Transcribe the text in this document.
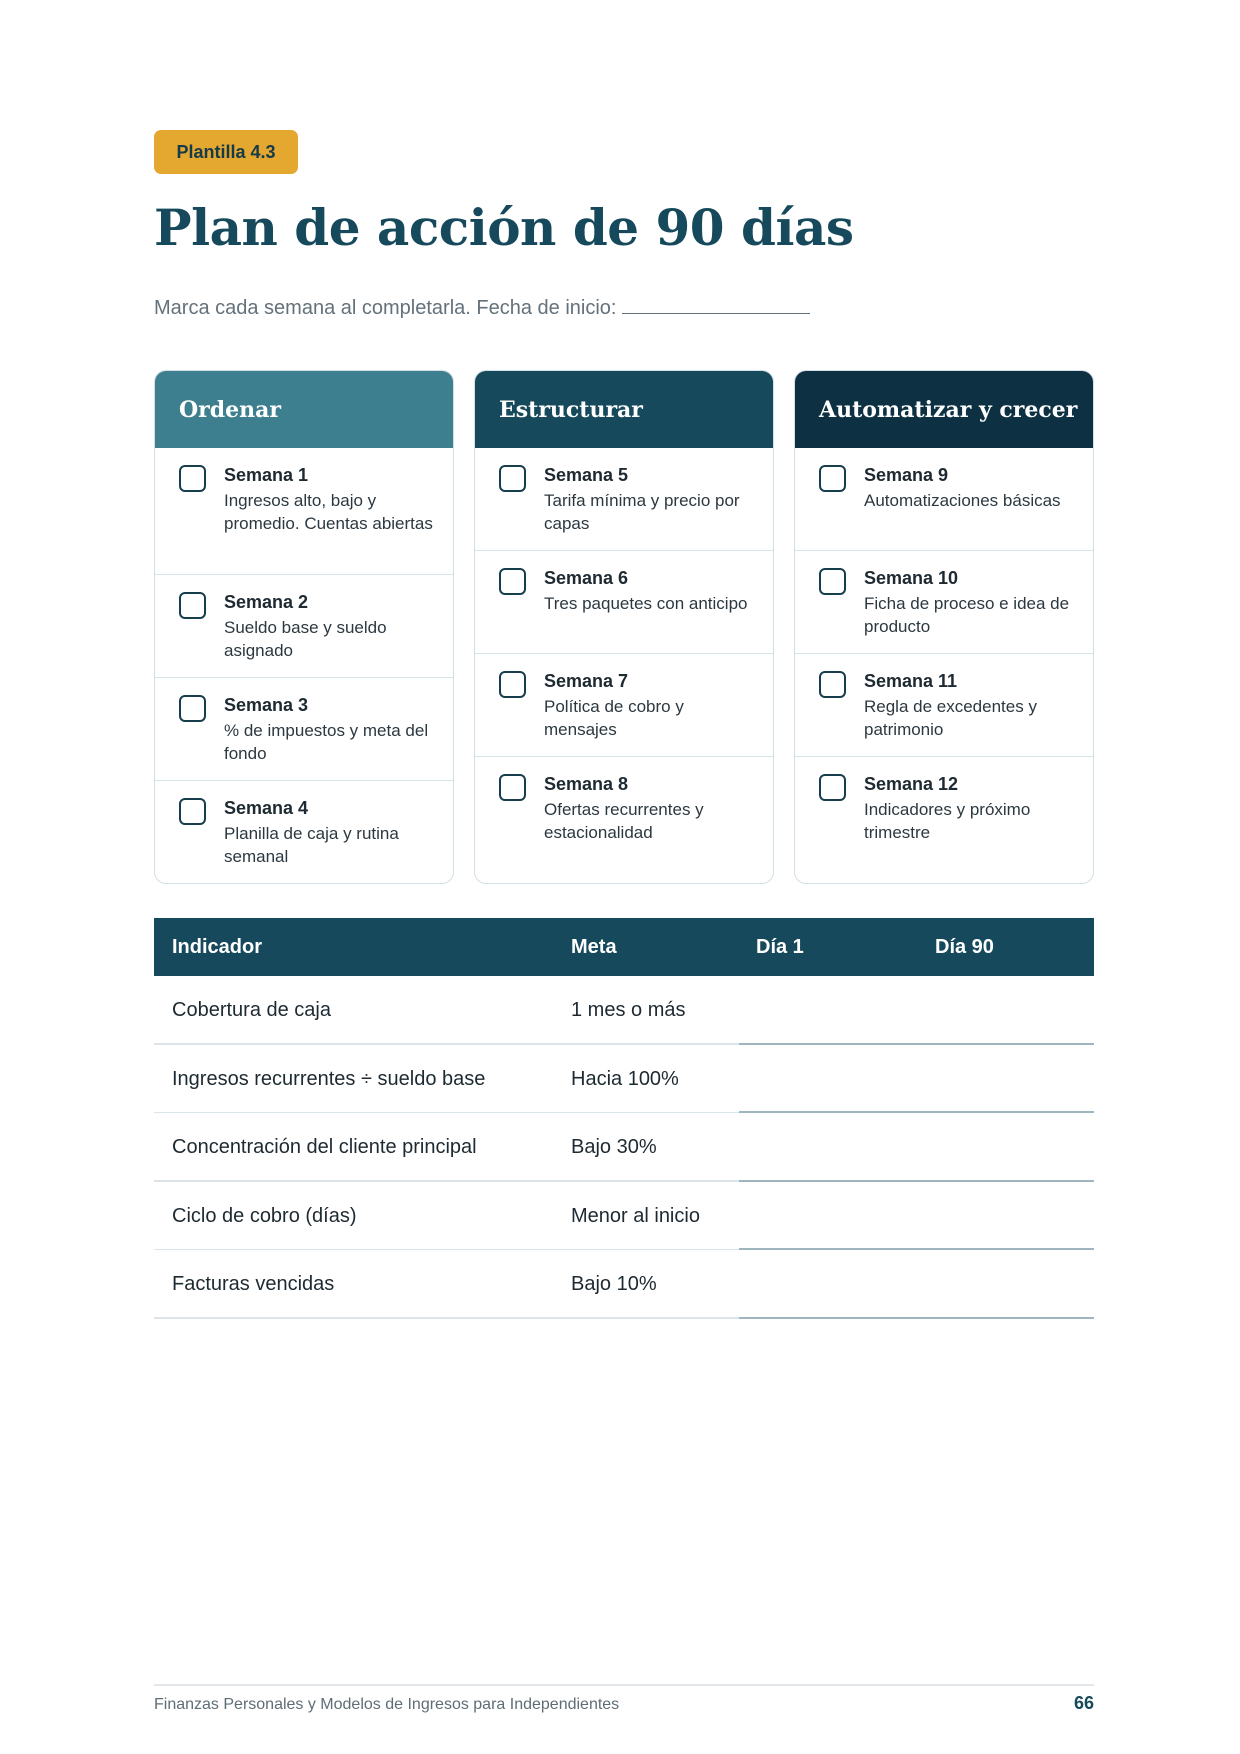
Plantilla 4.3
Plan de acción de 90 días
Marca cada semana al completarla. Fecha de inicio:
Ordenar
Semana 1
Ingresos alto, bajo y promedio. Cuentas abiertas
Semana 2
Sueldo base y sueldo asignado
Semana 3
% de impuestos y meta del fondo
Semana 4
Planilla de caja y rutina semanal
Estructurar
Semana 5
Tarifa mínima y precio por capas
Semana 6
Tres paquetes con anticipo
Semana 7
Política de cobro y mensajes
Semana 8
Ofertas recurrentes y estacionalidad
Automatizar y crecer
Semana 9
Automatizaciones básicas
Semana 10
Ficha de proceso e idea de producto
Semana 11
Regla de excedentes y patrimonio
Semana 12
Indicadores y próximo trimestre
Indicador	Meta	Día 1	Día 90
Cobertura de caja	1 mes o más
Ingresos recurrentes ÷ sueldo base	Hacia 100%
Concentración del cliente principal	Bajo 30%
Ciclo de cobro (días)	Menor al inicio
Facturas vencidas	Bajo 10%
Finanzas Personales y Modelos de Ingresos para Independientes	66
